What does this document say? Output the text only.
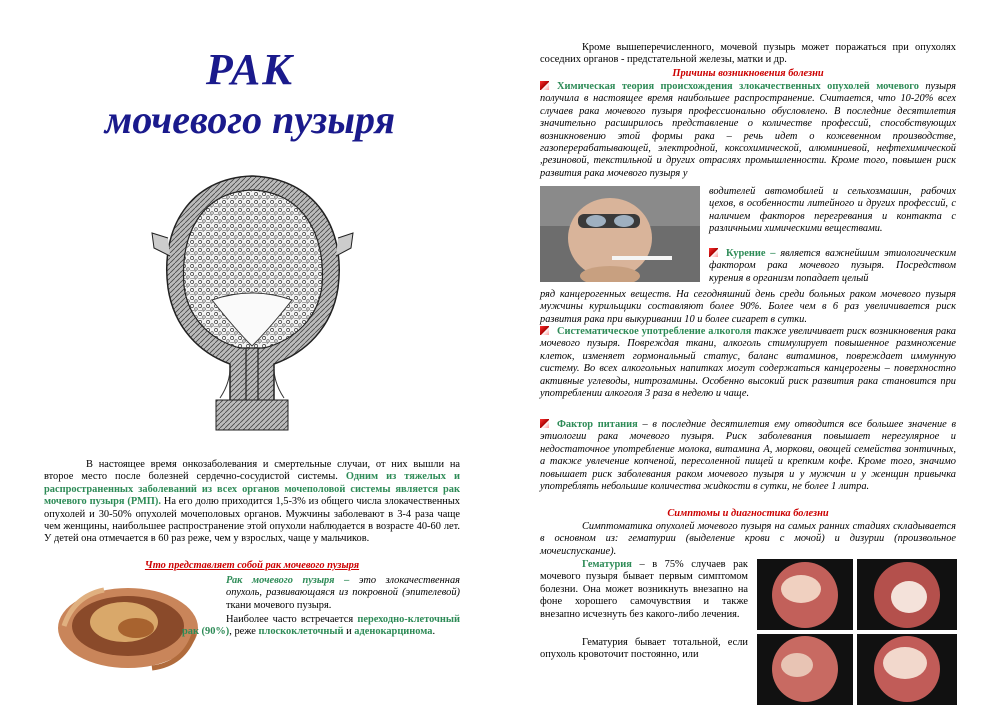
РАК
мочевого пузыря

В настоящее время онкозаболевания и смертельные случаи, от них вышли на второе место после болезней сердечно-сосудистой системы. Одним из тяжелых и распространенных заболеваний из всех органов мочеполовой системы является рак мочевого пузыря (РМП). На его долю приходится 1,5-3% из общего числа злокачественных опухолей и 30-50% опухолей мочеполовых органов. Мужчины заболевают в 3-4 раза чаще чем женщины, наибольшее распространение этой опухоли наблюдается в возрасте 40-60 лет. У детей она отмечается в 60 раз реже, чем у взрослых, чаще у мальчиков.

Что представляет собой рак мочевого пузыря

Рак мочевого пузыря – это злокачественная опухоль, развивающаяся из покровной (эпителевой) ткани мочевого пузыря.

Наиболее часто встречается переходно-клеточный рак (90%), реже плоскоклеточный и аденокарцинома.

Кроме вышеперечисленного, мочевой пузырь может поражаться при опухолях соседних органов - предстательной железы, матки и др.

Причины возникновения болезни

Химическая теория происхождения злокачественных опухолей мочевого пузыря получила в настоящее время наибольшее распространение. Считается, что 10-20% всех случаев рака мочевого пузыря профессионально обусловлено. В последние десятилетия значительно расширилось представление о количестве профессий, способствующих возникновению этой формы рака – речь идет о кожевенном производстве, газоперерабатывающей, электродной, коксохимической, алюминиевой, нефтехимической ,резиновой, текстильной и других отраслях промышленности. Кроме того, повышен риск развития рака мочевого пузыря у

водителей автомобилей и сельхозмашин, рабочих цехов, в особенности литейного и других профессий, с наличием факторов перегревания и контакта с различными химическими веществами.

Курение – является важнейшим этиологическим фактором рака мочевого пузыря. Посредством курения в организм попадает целый

ряд канцерогенных веществ. На сегодняшний день среди больных раком мочевого пузыря мужчины курильщики составляют более 90%. Более чем в 6 раз увеличивается риск развития рака при выкуривании 10 и более сигарет в сутки.

Систематическое употребление алкоголя также увеличивает риск возникновения рака мочевого пузыря. Повреждая ткани, алкоголь стимулирует повышенное размножение клеток, изменяет гормональный статус, баланс витаминов, повреждает иммунную систему. Во всех алкогольных напитках могут содержаться канцерогены – поверхностно активные углеводы, нитрозамины. Особенно высокий риск развития рака становится при употреблении алкоголя 3 раза в неделю и чаще.

Фактор питания – в последние десятилетия ему отводится все большее значение в этиологии рака мочевого пузыря. Риск заболевания повышает нерегулярное и недостаточное употребление молока, витамина А, моркови, овощей семейства зонтичных, а также увлечение копченой, пересоленной пищей и крепким кофе. Кроме того, значимо повышает риск заболевания раком мочевого пузыря и у мужчин и у женщин привычка употреблять небольшие количества жидкости в сутки, не более 1 литра.

Симптомы и диагностика болезни

Симптоматика опухолей мочевого пузыря на самых ранних стадиях складывается в основном из: гематурии (выделение крови с мочой) и дизурии (произвольное мочеиспускание).

Гематурия – в 75% случаев рак мочевого пузыря бывает первым симптомом болезни. Она может возникнуть внезапно на фоне хорошего самочувствия и также внезапно исчезнуть без какого-либо лечения.

Гематурия бывает тотальной, если опухоль кровоточит постоянно, или
